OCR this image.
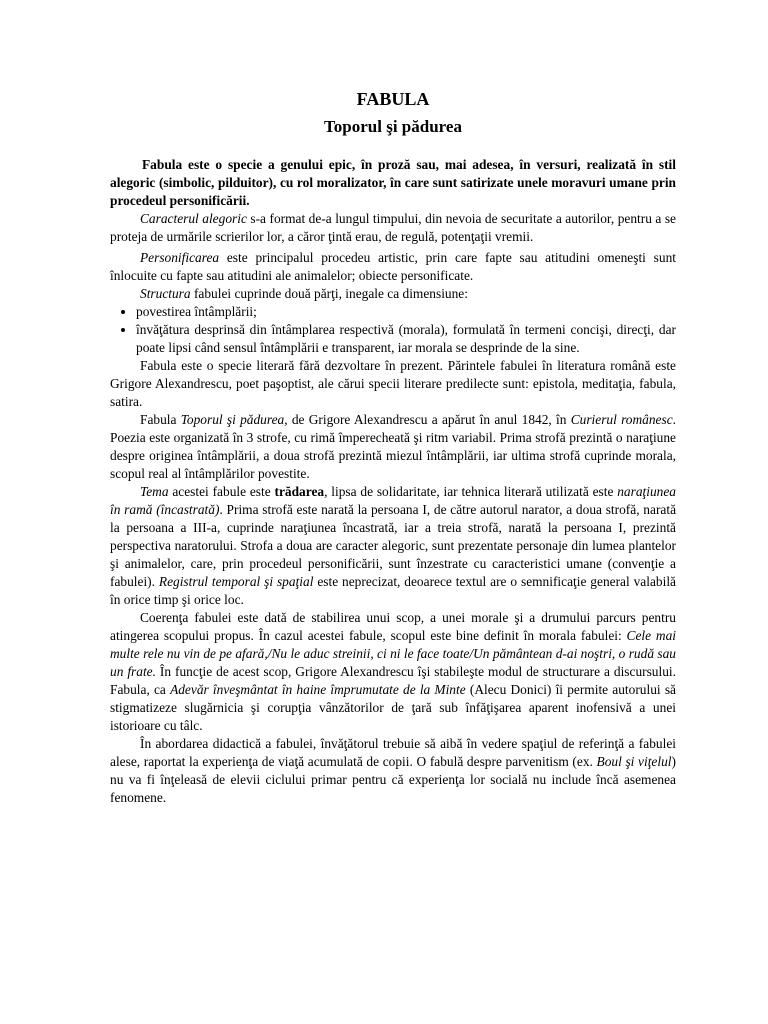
FABULA
Toporul şi pădurea

Fabula este o specie a genului epic, în proză sau, mai adesea, în versuri, realizată în stil alegoric (simbolic, pilduitor), cu rol moralizator, în care sunt satirizate unele moravuri umane prin procedeul personificării.

Caracterul alegoric s-a format de-a lungul timpului, din nevoia de securitate a autorilor, pentru a se proteja de urmările scrierilor lor, a căror ţintă erau, de regulă, potenţaţii vremii.

Personificarea este principalul procedeu artistic, prin care fapte sau atitudini omeneşti sunt înlocuite cu fapte sau atitudini ale animalelor; obiecte personificate.

Structura fabulei cuprinde două părţi, inegale ca dimensiune:

• povestirea întâmplării;
• învăţătura desprinsă din întâmplarea respectivă (morala), formulată în termeni concişi, direcţi, dar poate lipsi când sensul întâmplării e transparent, iar morala se desprinde de la sine.

Fabula este o specie literară fără dezvoltare în prezent. Părintele fabulei în literatura română este Grigore Alexandrescu, poet paşoptist, ale cărui specii literare predilecte sunt: epistola, meditaţia, fabula, satira.

Fabula Toporul şi pădurea, de Grigore Alexandrescu a apărut în anul 1842, în Curierul românesc. Poezia este organizată în 3 strofe, cu rimă împerecheată şi ritm variabil. Prima strofă prezintă o naraţiune despre originea întâmplării, a doua strofă prezintă miezul întâmplării, iar ultima strofă cuprinde morala, scopul real al întâmplărilor povestite.

Tema acestei fabule este trădarea, lipsa de solidaritate, iar tehnica literară utilizată este naraţiunea în ramă (încastrată). Prima strofă este narată la persoana I, de către autorul narator, a doua strofă, narată la persoana a III-a, cuprinde naraţiunea încastrată, iar a treia strofă, narată la persoana I, prezintă perspectiva naratorului. Strofa a doua are caracter alegoric, sunt prezentate personaje din lumea plantelor şi animalelor, care, prin procedeul personificării, sunt înzestrate cu caracteristici umane (convenţie a fabulei). Registrul temporal şi spaţial este neprecizat, deoarece textul are o semnificaţie general valabilă în orice timp şi orice loc.

Coerenţa fabulei este dată de stabilirea unui scop, a unei morale şi a drumului parcurs pentru atingerea scopului propus. În cazul acestei fabule, scopul este bine definit în morala fabulei: Cele mai multe rele nu vin de pe afară,/Nu le aduc streinii, ci ni le face toate/Un pământean d-ai noştri, o rudă sau un frate. În funcţie de acest scop, Grigore Alexandrescu îşi stabileşte modul de structurare a discursului. Fabula, ca Adevăr înveşmântat în haine împrumutate de la Minte (Alecu Donici) îi permite autorului să stigmatizeze slugărnicia şi corupţia vânzătorilor de ţară sub înfăţişarea aparent inofensivă a unei istorioare cu tâlc.

În abordarea didactică a fabulei, învăţătorul trebuie să aibă în vedere spaţiul de referinţă a fabulei alese, raportat la experienţa de viaţă acumulată de copii. O fabulă despre parvenitism (ex. Boul şi viţelul) nu va fi înţeleasă de elevii ciclului primar pentru că experienţa lor socială nu include încă asemenea fenomene.
